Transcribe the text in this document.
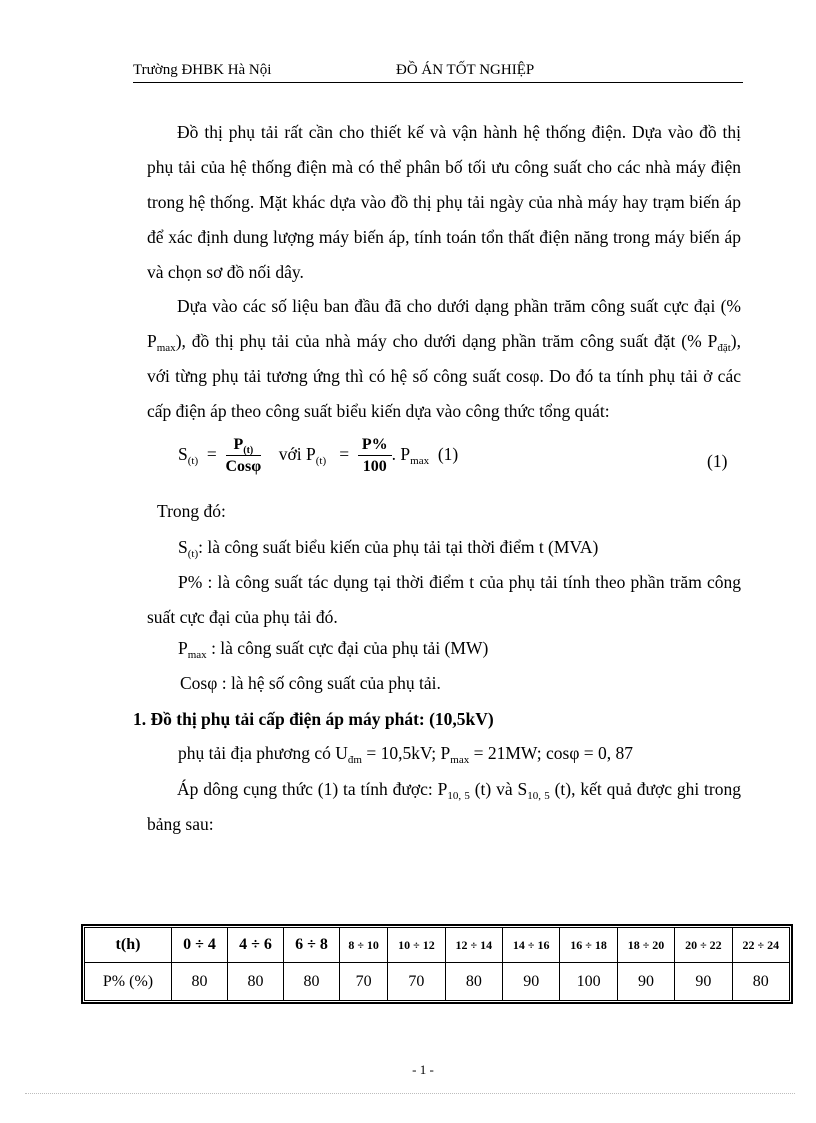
Trường ĐHBK Hà Nội	ĐỒ ÁN TỐT NGHIỆP
Đồ thị phụ tải rất cần cho thiết kế và vận hành hệ thống điện. Dựa vào đồ thị phụ tải của hệ thống điện mà có thể phân bố tối ưu công suất cho các nhà máy điện trong hệ thống. Mặt khác dựa vào đồ thị phụ tải ngày của nhà máy hay trạm biến áp để xác định dung lượng máy biến áp, tính toán tổn thất điện năng trong máy biến áp và chọn sơ đồ nối dây.
Dựa vào các số liệu ban đầu đã cho dưới dạng phần trăm công suất cực đại (% $P_{max}$), đồ thị phụ tải của nhà máy cho dưới dạng phần trăm công suất đặt (% $P_{đặt}$), với từng phụ tải tương ứng thì có hệ số công suất cosφ. Do đó ta tính phụ tải ở các cấp điện áp theo công suất biểu kiến dựa vào công thức tổng quát:
$S_{(t)} = \frac{P_{(t)}}{\text{Cosφ}}$ với $P_{(t)} = \frac{P\%}{100}$ . $P_{max}$ (1)	(1)
Trong đó:
$S_{(t)}$: là công suất biểu kiến của phụ tải tại thời điểm t (MVA)
P% : là công suất tác dụng tại thời điểm t của phụ tải tính theo phần trăm công suất cực đại của phụ tải đó.
$P_{max}$ : là công suất cực đại của phụ tải (MW)
Cosφ : là hệ số công suất của phụ tải.
1. Đồ thị phụ tải cấp điện áp máy phát: (10,5kV)
phụ tải địa phương có $U_{đm} = 10,5kV$; $P_{max} = 21MW$; cosφ = 0, 87
Áp dông cụng thức (1) ta tính được: $P_{10, 5}$ (t) và $S_{10, 5}$ (t), kết quả được ghi trong bảng sau:
t(h)	0 ÷ 4	4 ÷ 6	6 ÷ 8	8 ÷ 10	10 ÷ 12	12 ÷ 14	14 ÷ 16	16 ÷ 18	18 ÷ 20	20 ÷ 22	22 ÷ 24
P% (%)	80	80	80	70	70	80	90	100	90	90	80
- 1 -
